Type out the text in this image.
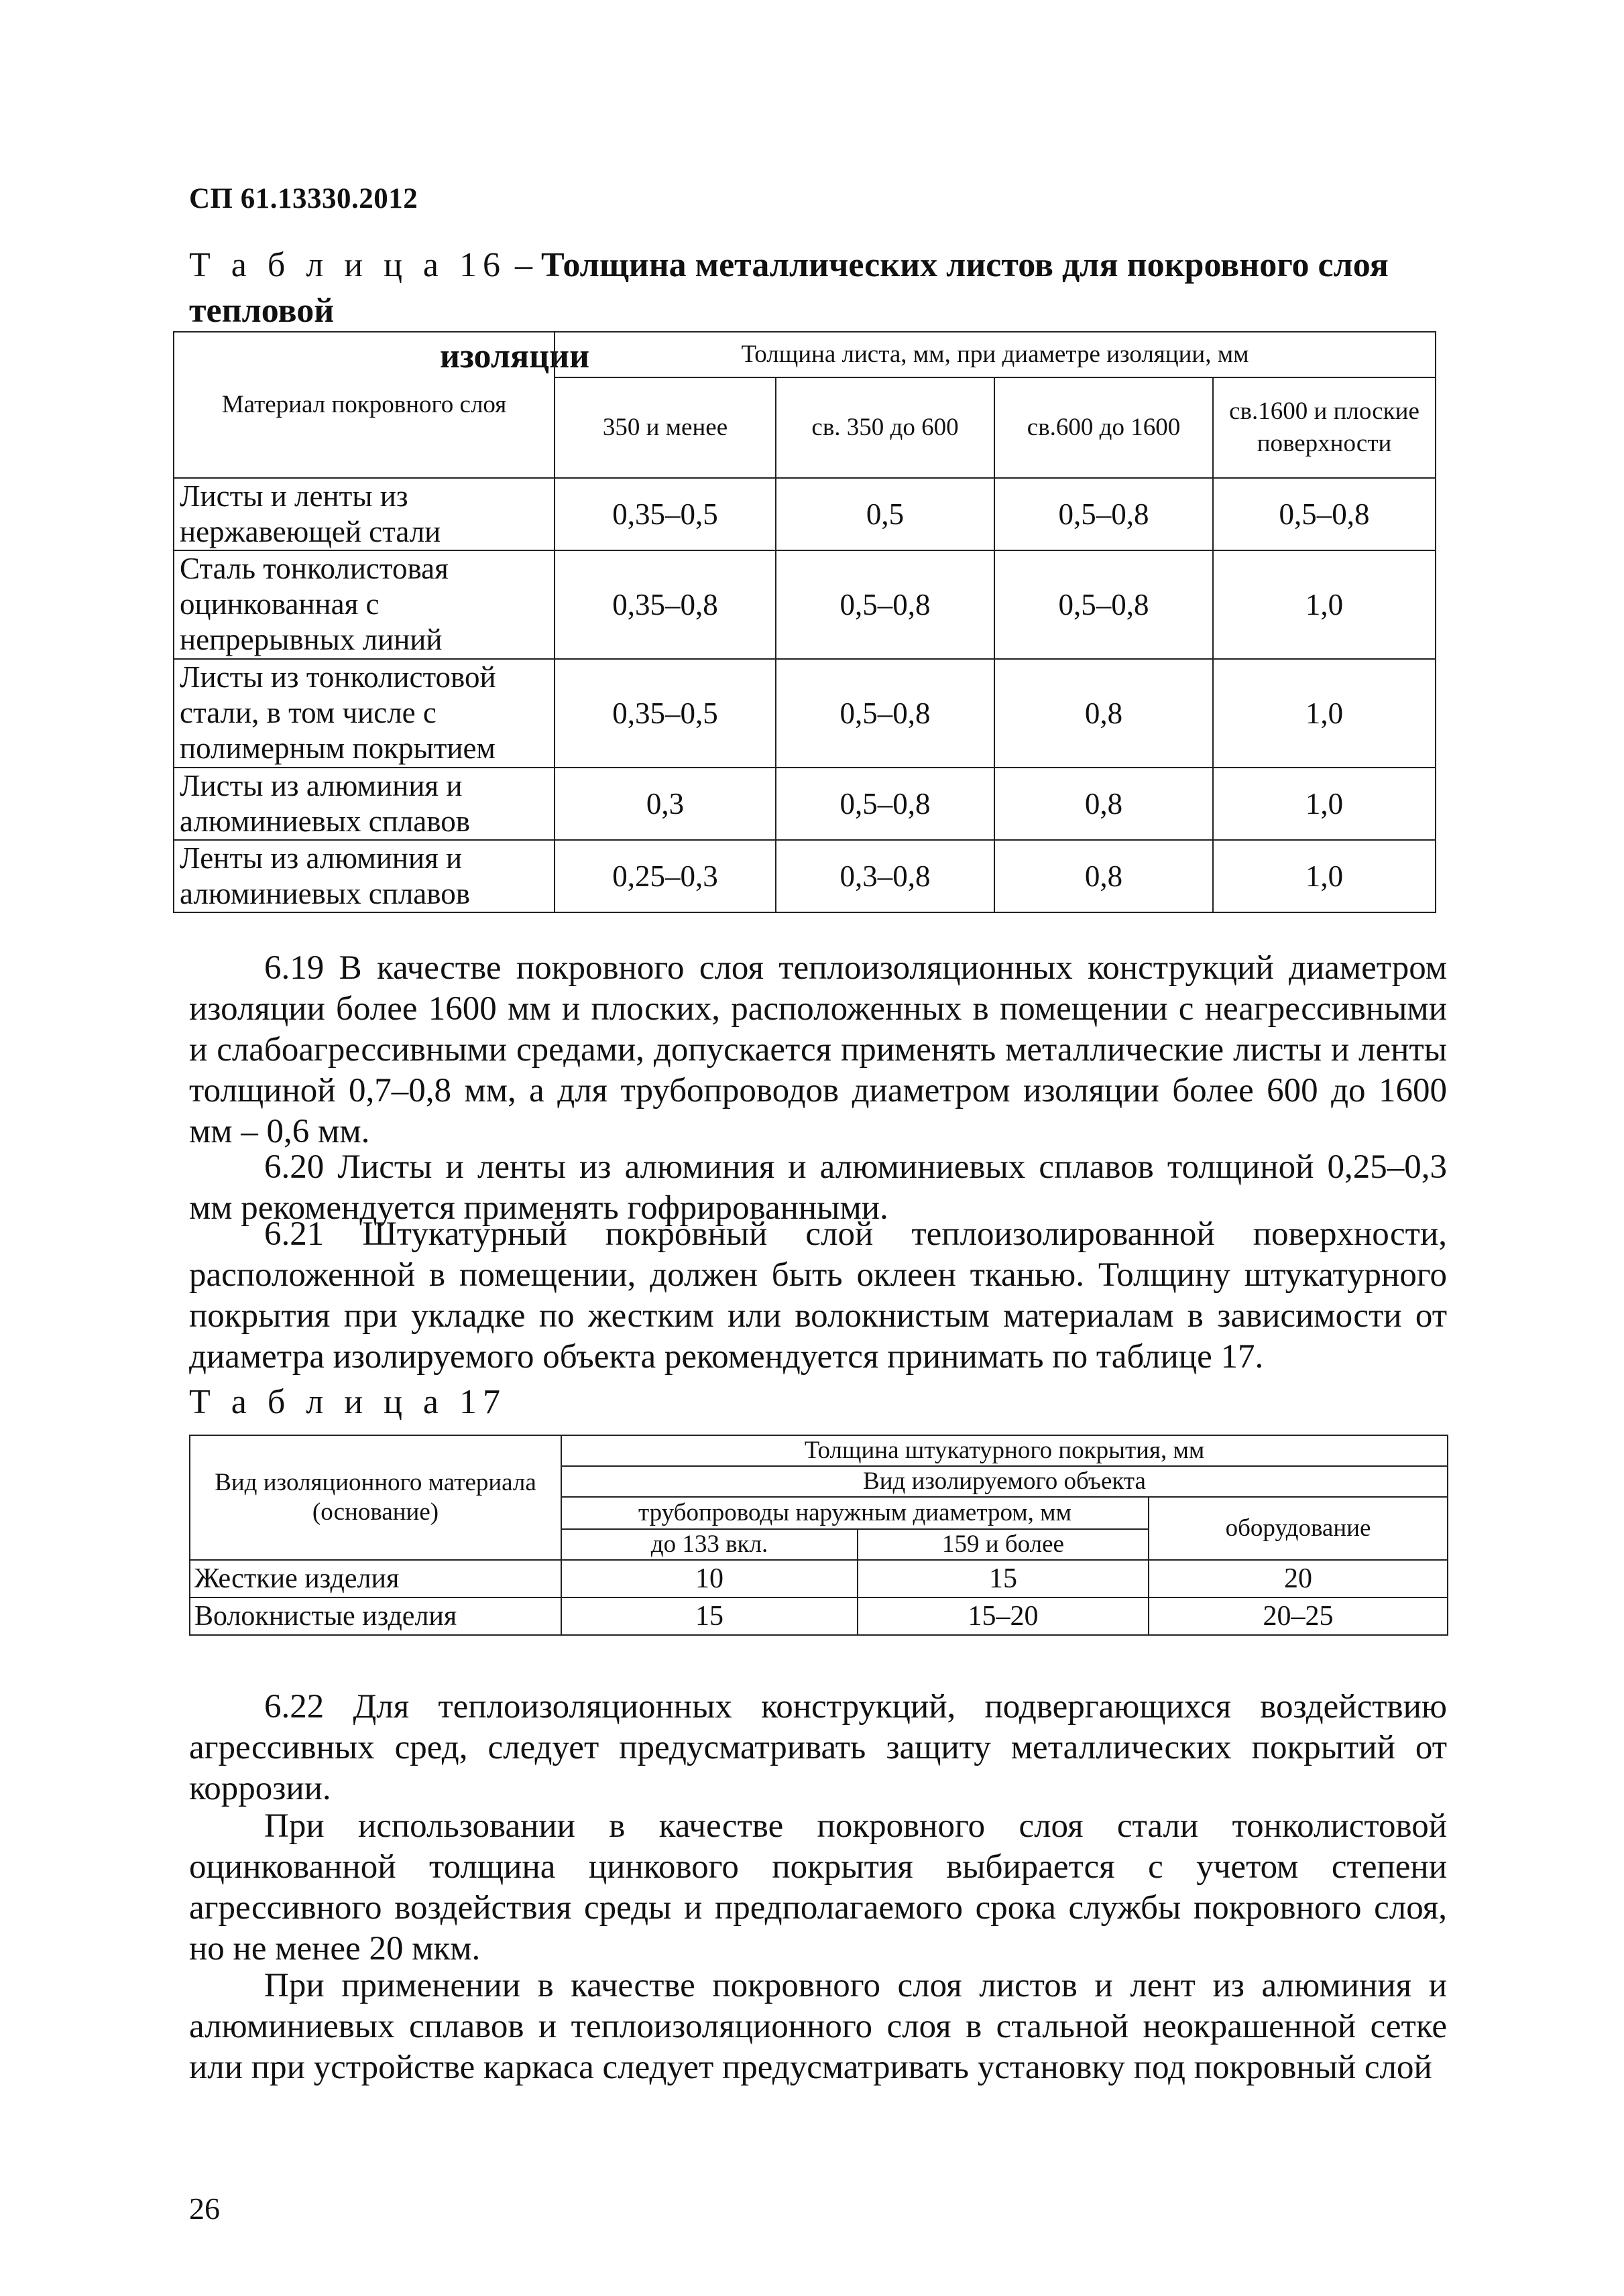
СП 61.13330.2012
Т а б л и ц а 16 – Толщина металлических листов для покровного слоя тепловой
изоляции
Материал покровного слоя	Толщина листа, мм, при диаметре изоляции, мм			
	350 и менее	св. 350 до 600	св.600 до 1600	св.1600 и плоские поверхности
Листы и ленты из нержавеющей стали	0,35–0,5	0,5	0,5–0,8	0,5–0,8
Сталь тонколистовая оцинкованная с непрерывных линий	0,35–0,8	0,5–0,8	0,5–0,8	1,0
Листы из тонколистовой стали, в том числе с полимерным покрытием	0,35–0,5	0,5–0,8	0,8	1,0
Листы из алюминия и алюминиевых сплавов	0,3	0,5–0,8	0,8	1,0
Ленты из алюминия и алюминиевых сплавов	0,25–0,3	0,3–0,8	0,8	1,0
6.19 В качестве покровного слоя теплоизоляционных конструкций диаметром изоляции более 1600 мм и плоских, расположенных в помещении с неагрессивными и слабоагрессивными средами, допускается применять металлические листы и ленты толщиной 0,7–0,8 мм, а для трубопроводов диаметром изоляции более 600 до 1600 мм – 0,6 мм.
6.20 Листы и ленты из алюминия и алюминиевых сплавов толщиной 0,25–0,3 мм рекомендуется применять гофрированными.
6.21 Штукатурный покровный слой теплоизолированной поверхности, расположенной в помещении, должен быть оклеен тканью. Толщину штукатурного покрытия при укладке по жестким или волокнистым материалам в зависимости от диаметра изолируемого объекта рекомендуется принимать по таблице 17.
Т а б л и ц а 17
Вид изоляционного материала (основание)	Толщина штукатурного покрытия, мм		
	Вид изолируемого объекта		
	трубопроводы наружным диаметром, мм		оборудование
	до 133 вкл.	159 и более	
Жесткие изделия	10	15	20
Волокнистые изделия	15	15–20	20–25
6.22 Для теплоизоляционных конструкций, подвергающихся воздействию агрессивных сред, следует предусматривать защиту металлических покрытий от коррозии.
При использовании в качестве покровного слоя стали тонколистовой оцинкованной толщина цинкового покрытия выбирается с учетом степени агрессивного воздействия среды и предполагаемого срока службы покровного слоя, но не менее 20 мкм.
При применении в качестве покровного слоя листов и лент из алюминия и алюминиевых сплавов и теплоизоляционного слоя в стальной неокрашенной сетке или при устройстве каркаса следует предусматривать установку под покровный слой
26
